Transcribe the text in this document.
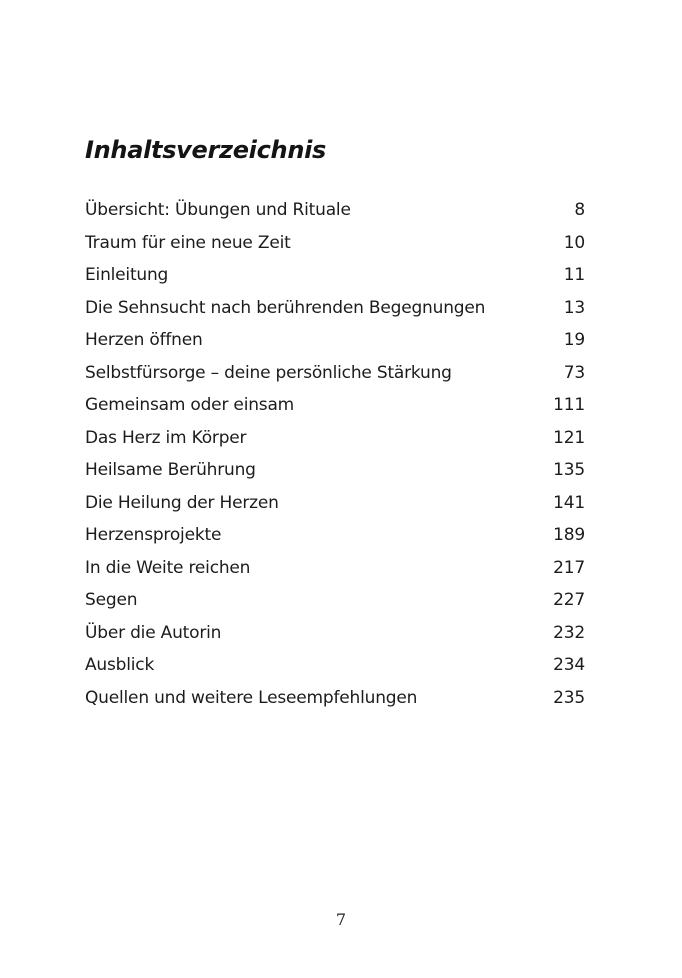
Inhaltsverzeichnis
Übersicht: Übungen und Rituale	8
Traum für eine neue Zeit	10
Einleitung	11
Die Sehnsucht nach berührenden Begegnungen	13
Herzen öffnen	19
Selbstfürsorge – deine persönliche Stärkung	73
Gemeinsam oder einsam	111
Das Herz im Körper	121
Heilsame Berührung	135
Die Heilung der Herzen	141
Herzensprojekte	189
In die Weite reichen	217
Segen	227
Über die Autorin	232
Ausblick	234
Quellen und weitere Leseempfehlungen	235
7
